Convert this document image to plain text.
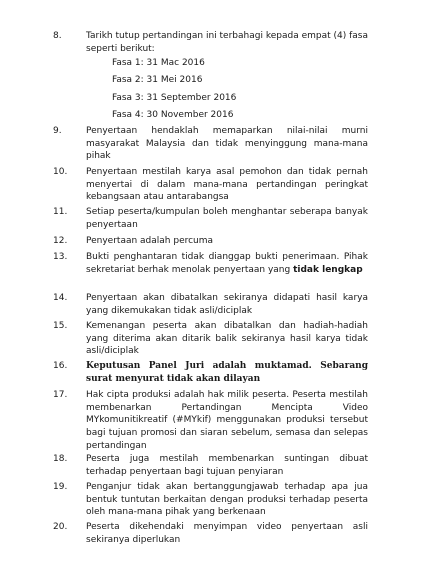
8.	Tarikh tutup pertandingan ini terbahagi kepada empat (4) fasa seperti berikut:
Fasa 1: 31 Mac 2016
Fasa 2: 31 Mei 2016
Fasa 3: 31 September 2016
Fasa 4: 30 November 2016
9.	Penyertaan hendaklah memaparkan nilai-nilai murni masyarakat Malaysia dan tidak menyinggung mana-mana pihak
10.	Penyertaan mestilah karya asal pemohon dan tidak pernah menyertai di dalam mana-mana pertandingan peringkat kebangsaan atau antarabangsa
11.	Setiap peserta/kumpulan boleh menghantar seberapa banyak penyertaan
12.	Penyertaan adalah percuma
13.	Bukti penghantaran tidak dianggap bukti penerimaan. Pihak sekretariat berhak menolak penyertaan yang tidak lengkap
14.	Penyertaan akan dibatalkan sekiranya didapati hasil karya yang dikemukakan tidak asli/diciplak
15.	Kemenangan peserta akan dibatalkan dan hadiah-hadiah yang diterima akan ditarik balik sekiranya hasil karya tidak asli/diciplak
16.	Keputusan Panel Juri adalah muktamad. Sebarang surat menyurat tidak akan dilayan
17.	Hak cipta produksi adalah hak milik peserta. Peserta mestilah membenarkan Pertandingan Mencipta Video MYkomunitikreatif (#MYkif) menggunakan produksi tersebut bagi tujuan promosi dan siaran sebelum, semasa dan selepas pertandingan
18.	Peserta juga mestilah membenarkan suntingan dibuat terhadap penyertaan bagi tujuan penyiaran
19.	Penganjur tidak akan bertanggungjawab terhadap apa jua bentuk tuntutan berkaitan dengan produksi terhadap peserta oleh mana-mana pihak yang berkenaan
20.	Peserta dikehendaki menyimpan video penyertaan asli sekiranya diperlukan
